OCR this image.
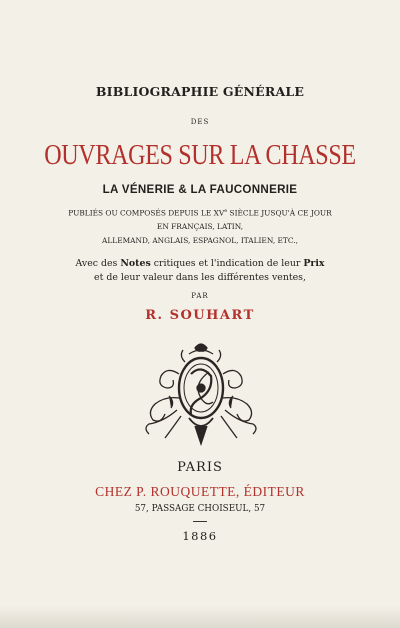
BIBLIOGRAPHIE GÉNÉRALE
DES
OUVRAGES SUR LA CHASSE
LA VÉNERIE & LA FAUCONNERIE
PUBLIÉS OU COMPOSÉS DEPUIS LE XVe SIÈCLE JUSQU'À CE JOUR
EN FRANÇAIS, LATIN,
ALLEMAND, ANGLAIS, ESPAGNOL, ITALIEN, ETC.,
Avec des Notes critiques et l'indication de leur Prix
et de leur valeur dans les différentes ventes,
PAR
R. SOUHART
PARIS
CHEZ P. ROUQUETTE, ÉDITEUR
57, PASSAGE CHOISEUL, 57
1886
